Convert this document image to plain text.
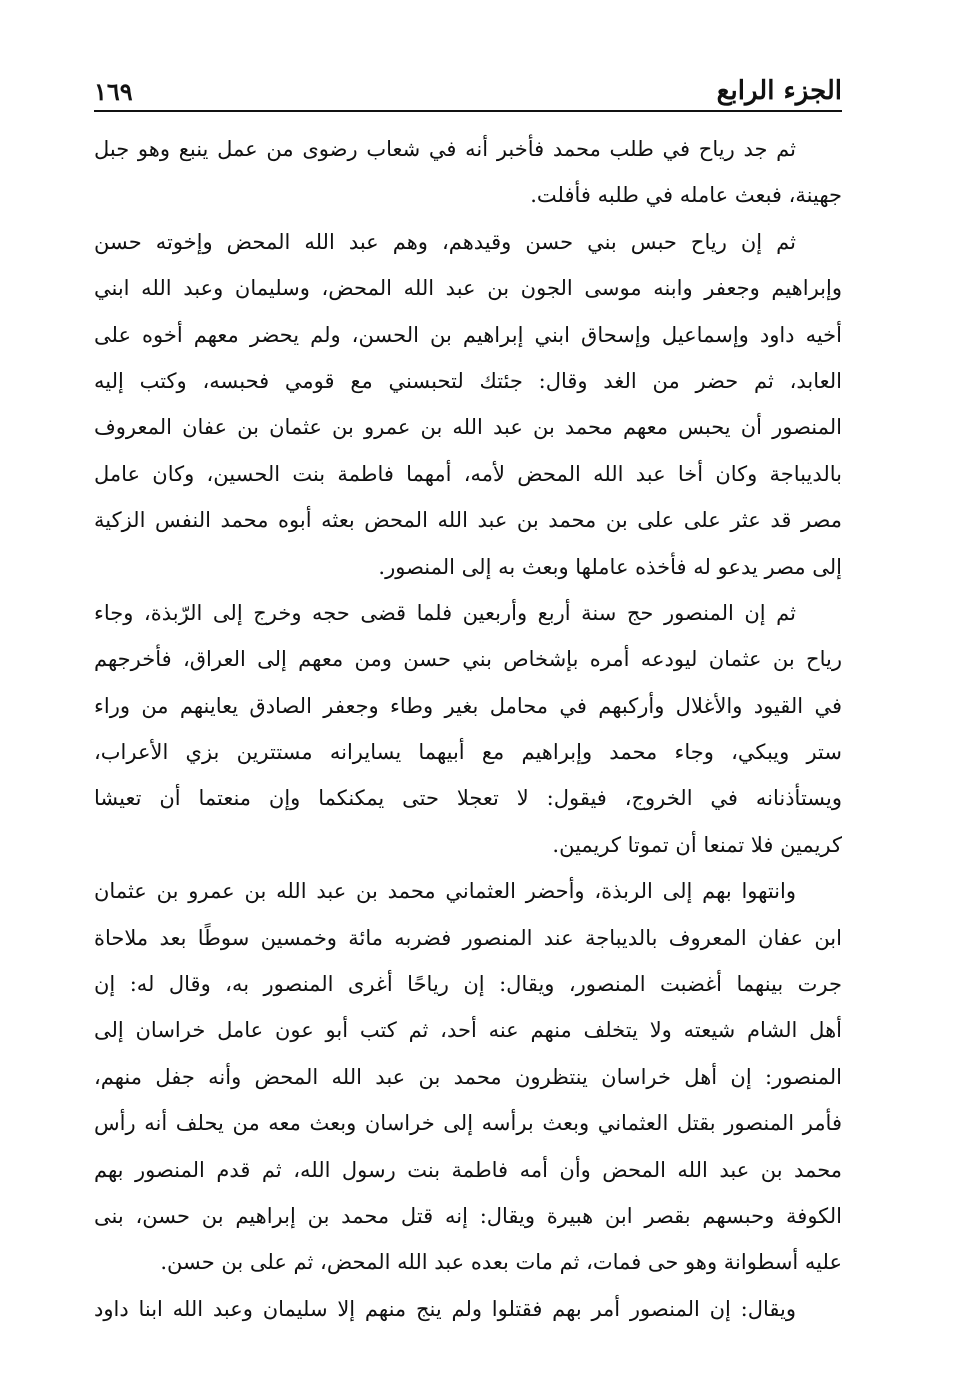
الجزء الرابع
١٦٩
ثم جد رياح في طلب محمد فأخبر أنه في شعاب رضوى من عمل ينبع وهو جبل
جهينة، فبعث عامله في طلبه فأفلت.
ثم إن رياح حبس بني حسن وقيدهم، وهم عبد الله المحض وإخوته حسن
وإبراهيم وجعفر وابنه موسى الجون بن عبد الله المحض، وسليمان وعبد الله ابني
أخيه داود وإسماعيل وإسحاق ابني إبراهيم بن الحسن، ولم يحضر معهم أخوه على
العابد، ثم حضر من الغد وقال: جئتك لتحبسني مع قومي فحبسه، وكتب إليه
المنصور أن يحبس معهم محمد بن عبد الله بن عمرو بن عثمان بن عفان المعروف
بالديباجة وكان أخا عبد الله المحض لأمه، أمهما فاطمة بنت الحسين، وكان عامل
مصر قد عثر على على بن محمد بن عبد الله المحض بعثه أبوه محمد النفس الزكية
إلى مصر يدعو له فأخذه عاملها وبعث به إلى المنصور.
ثم إن المنصور حج سنة أربع وأربعين فلما قضى حجه وخرج إلى الرّبذة، وجاء
رياح بن عثمان ليودعه أمره بإشخاص بني حسن ومن معهم إلى العراق، فأخرجهم
في القيود والأغلال وأركبهم في محامل بغير وطاء وجعفر الصادق يعاينهم من وراء
ستر ويبكي، وجاء محمد وإبراهيم مع أبيهما يسايرانه مستترين بزي الأعراب،
ويستأذنانه في الخروج، فيقول: لا تعجلا حتى يمكنكما وإن منعتما أن تعيشا
كريمين فلا تمنعا أن تموتا كريمين.
وانتهوا بهم إلى الربذة، وأحضر العثماني محمد بن عبد الله بن عمرو بن عثمان
ابن عفان المعروف بالديباجة عند المنصور فضربه مائة وخمسين سوطًا بعد ملاحاة
جرت بينهما أغضبت المنصور، ويقال: إن رياحًا أغرى المنصور به، وقال له: إن
أهل الشام شيعته ولا يتخلف منهم عنه أحد، ثم كتب أبو عون عامل خراسان إلى
المنصور: إن أهل خراسان ينتظرون محمد بن عبد الله المحض وأنه جفل منهم،
فأمر المنصور بقتل العثماني وبعث برأسه إلى خراسان وبعث معه من يحلف أنه رأس
محمد بن عبد الله المحض وأن أمه فاطمة بنت رسول الله، ثم قدم المنصور بهم
الكوفة وحبسهم بقصر ابن هبيرة ويقال: إنه قتل محمد بن إبراهيم بن حسن، بنى
عليه أسطوانة وهو حى فمات، ثم مات بعده عبد الله المحض، ثم على بن حسن.
ويقال: إن المنصور أمر بهم فقتلوا ولم ينج منهم إلا سليمان وعبد الله ابنا داود
